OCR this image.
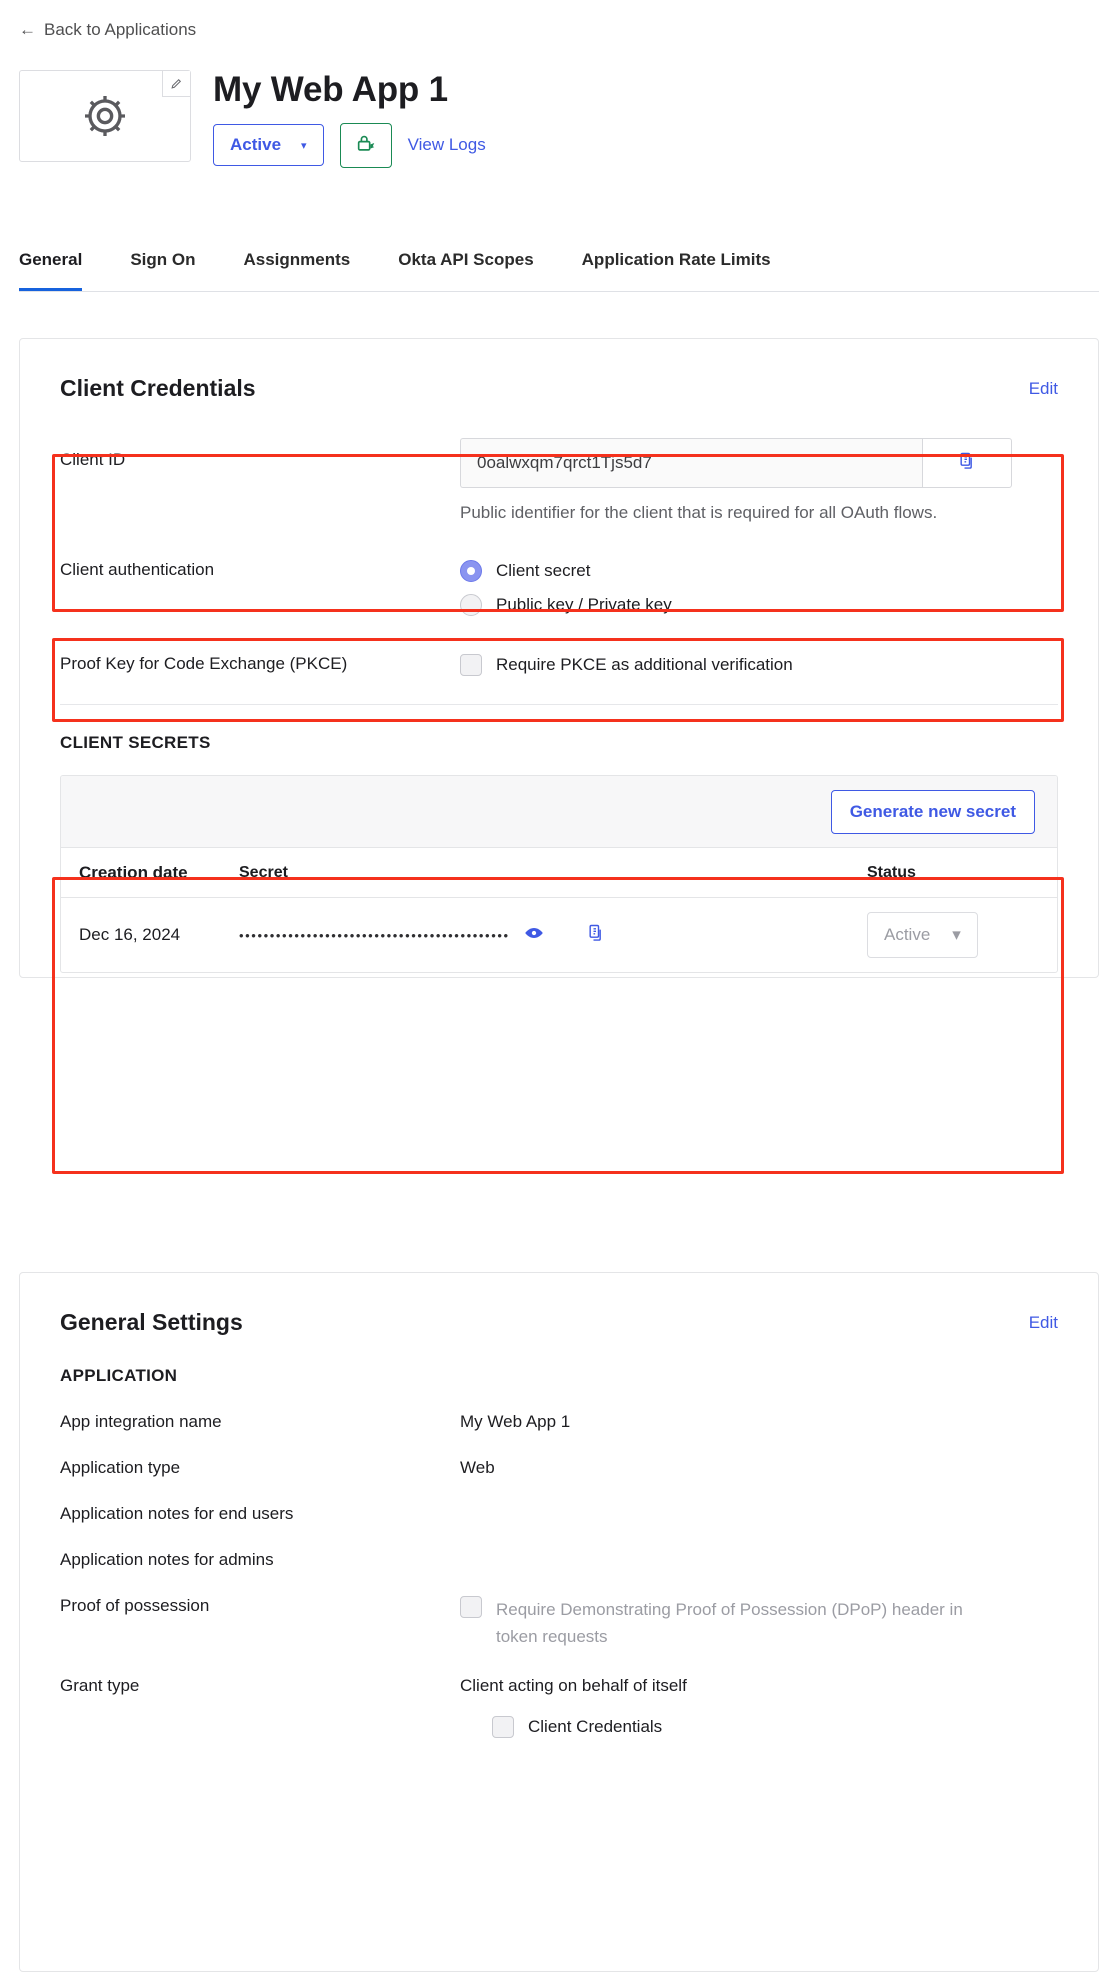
← Back to Applications
My Web App 1
Active ▾	View Logs
General	Sign On	Assignments	Okta API Scopes	Application Rate Limits
Client Credentials	Edit
Client ID	0oalwxqm7qrct1Tjs5d7
Public identifier for the client that is required for all OAuth flows.
Client authentication	Client secret
Public key / Private key
Proof Key for Code Exchange (PKCE)	Require PKCE as additional verification
CLIENT SECRETS
Generate new secret
Creation date	Secret	Status
Dec 16, 2024	••••••••••••••••••••••••••••••••••••••••••••	Active ▾
General Settings	Edit
APPLICATION
App integration name	My Web App 1
Application type	Web
Application notes for end users
Application notes for admins
Proof of possession	Require Demonstrating Proof of Possession (DPoP) header in token requests
Grant type	Client acting on behalf of itself
Client Credentials
